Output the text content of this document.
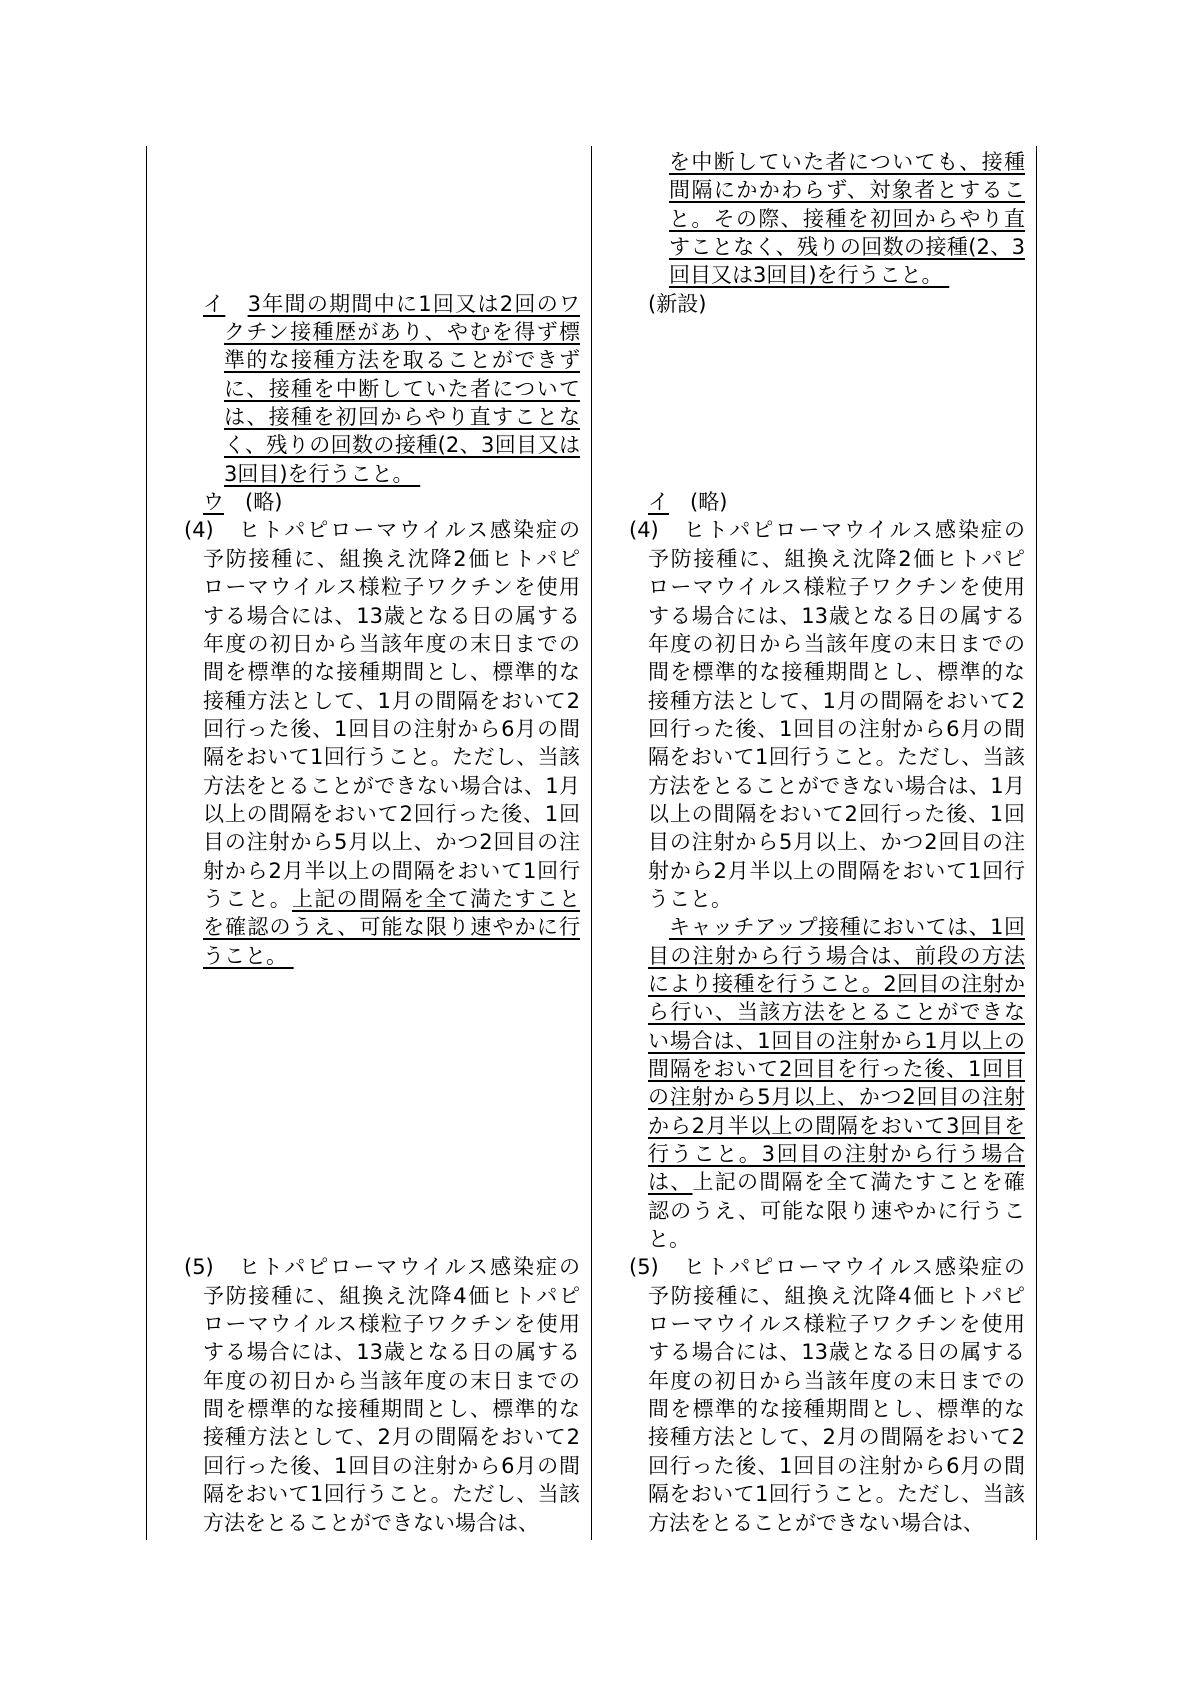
イ　 3年間の期間中に1回又は2回のワ
クチン接種歴があり、やむを得ず標
準的な接種方法を取ることができず
に、接種を中断していた者について
は、接種を初回からやり直すことな
く、残りの回数の接種(2、3回目又は
3回目)を行うこと。
ウ　(略)
(4)　ヒトパピローマウイルス感染症の
予防接種に、組換え沈降2価ヒトパピ
ローマウイルス様粒子ワクチンを使用
する場合には、13歳となる日の属する
年度の初日から当該年度の末日までの
間を標準的な接種期間とし、標準的な
接種方法として、1月の間隔をおいて2
回行った後、1回目の注射から6月の間
隔をおいて1回行うこと。ただし、当該
方法をとることができない場合は、1月
以上の間隔をおいて2回行った後、1回
目の注射から5月以上、かつ2回目の注
射から2月半以上の間隔をおいて1回行
うこと。上記の間隔を全て満たすこと
を確認のうえ、可能な限り速やかに行
うこと。
(5)　ヒトパピローマウイルス感染症の
予防接種に、組換え沈降4価ヒトパピ
ローマウイルス様粒子ワクチンを使用
する場合には、13歳となる日の属する
年度の初日から当該年度の末日までの
間を標準的な接種期間とし、標準的な
接種方法として、2月の間隔をおいて2
回行った後、1回目の注射から6月の間
隔をおいて1回行うこと。ただし、当該
方法をとることができない場合は、
を中断していた者についても、接種
間隔にかかわらず、対象者とするこ
と。その際、接種を初回からやり直
すことなく、残りの回数の接種(2、3
回目又は3回目)を行うこと。
(新設)
イ　(略)
(4)　ヒトパピローマウイルス感染症の
予防接種に、組換え沈降2価ヒトパピ
ローマウイルス様粒子ワクチンを使用
する場合には、13歳となる日の属する
年度の初日から当該年度の末日までの
間を標準的な接種期間とし、標準的な
接種方法として、1月の間隔をおいて2
回行った後、1回目の注射から6月の間
隔をおいて1回行うこと。ただし、当該
方法をとることができない場合は、1月
以上の間隔をおいて2回行った後、1回
目の注射から5月以上、かつ2回目の注
射から2月半以上の間隔をおいて1回行
うこと。
キャッチアップ接種においては、1回
目の注射から行う場合は、前段の方法
により接種を行うこと。2回目の注射か
ら行い、当該方法をとることができな
い場合は、1回目の注射から1月以上の
間隔をおいて2回目を行った後、1回目
の注射から5月以上、かつ2回目の注射
から2月半以上の間隔をおいて3回目を
行うこと。3回目の注射から行う場合
は、上記の間隔を全て満たすことを確
認のうえ、可能な限り速やかに行うこ
と。
(5)　ヒトパピローマウイルス感染症の
予防接種に、組換え沈降4価ヒトパピ
ローマウイルス様粒子ワクチンを使用
する場合には、13歳となる日の属する
年度の初日から当該年度の末日までの
間を標準的な接種期間とし、標準的な
接種方法として、2月の間隔をおいて2
回行った後、1回目の注射から6月の間
隔をおいて1回行うこと。ただし、当該
方法をとることができない場合は、
